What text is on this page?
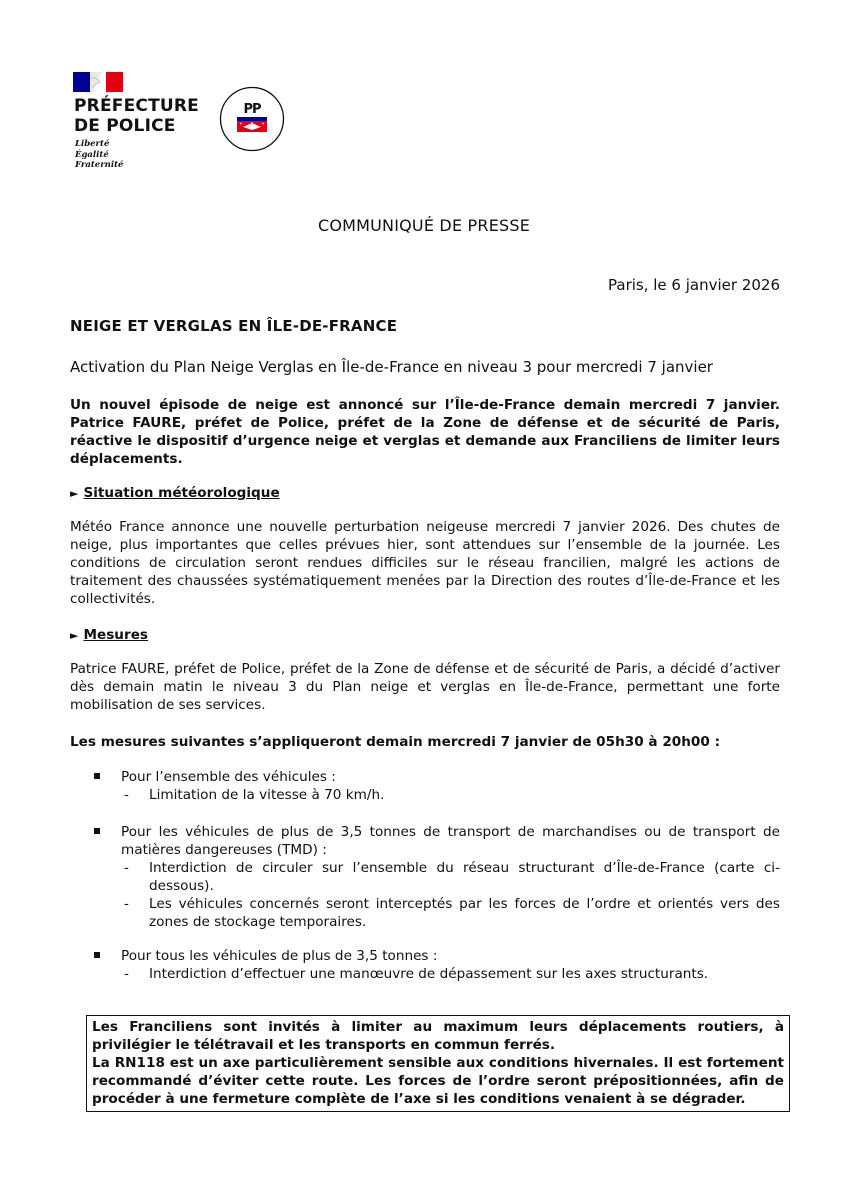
PRÉFECTURE
DE POLICE
Liberté
Égalité
Fraternité
PP
COMMUNIQUÉ DE PRESSE
Paris, le 6 janvier 2026
NEIGE ET VERGLAS EN ÎLE-DE-FRANCE
Activation du Plan Neige Verglas en Île-de-France en niveau 3 pour mercredi 7 janvier
Un nouvel épisode de neige est annoncé sur l’Île-de-France demain mercredi 7 janvier. Patrice FAURE, préfet de Police, préfet de la Zone de défense et de sécurité de Paris, réactive le dispositif d’urgence neige et verglas et demande aux Franciliens de limiter leurs déplacements.
► Situation météorologique
Météo France annonce une nouvelle perturbation neigeuse mercredi 7 janvier 2026. Des chutes de neige, plus importantes que celles prévues hier, sont attendues sur l’ensemble de la journée. Les conditions de circulation seront rendues difficiles sur le réseau francilien, malgré les actions de traitement des chaussées systématiquement menées par la Direction des routes d’Île-de-France et les collectivités.
► Mesures
Patrice FAURE, préfet de Police, préfet de la Zone de défense et de sécurité de Paris, a décidé d’activer dès demain matin le niveau 3 du Plan neige et verglas en Île-de-France, permettant une forte mobilisation de ses services.
Les mesures suivantes s’appliqueront demain mercredi 7 janvier de 05h30 à 20h00 :
Pour l’ensemble des véhicules :
- Limitation de la vitesse à 70 km/h.
Pour les véhicules de plus de 3,5 tonnes de transport de marchandises ou de transport de matières dangereuses (TMD) :
- Interdiction de circuler sur l’ensemble du réseau structurant d’Île-de-France (carte ci-dessous).
- Les véhicules concernés seront interceptés par les forces de l’ordre et orientés vers des zones de stockage temporaires.
Pour tous les véhicules de plus de 3,5 tonnes :
- Interdiction d’effectuer une manœuvre de dépassement sur les axes structurants.

Les Franciliens sont invités à limiter au maximum leurs déplacements routiers, à privilégier le télétravail et les transports en commun ferrés.

La RN118 est un axe particulièrement sensible aux conditions hivernales. Il est fortement recommandé d’éviter cette route. Les forces de l’ordre seront prépositionnées, afin de procéder à une fermeture complète de l’axe si les conditions venaient à se dégrader.
